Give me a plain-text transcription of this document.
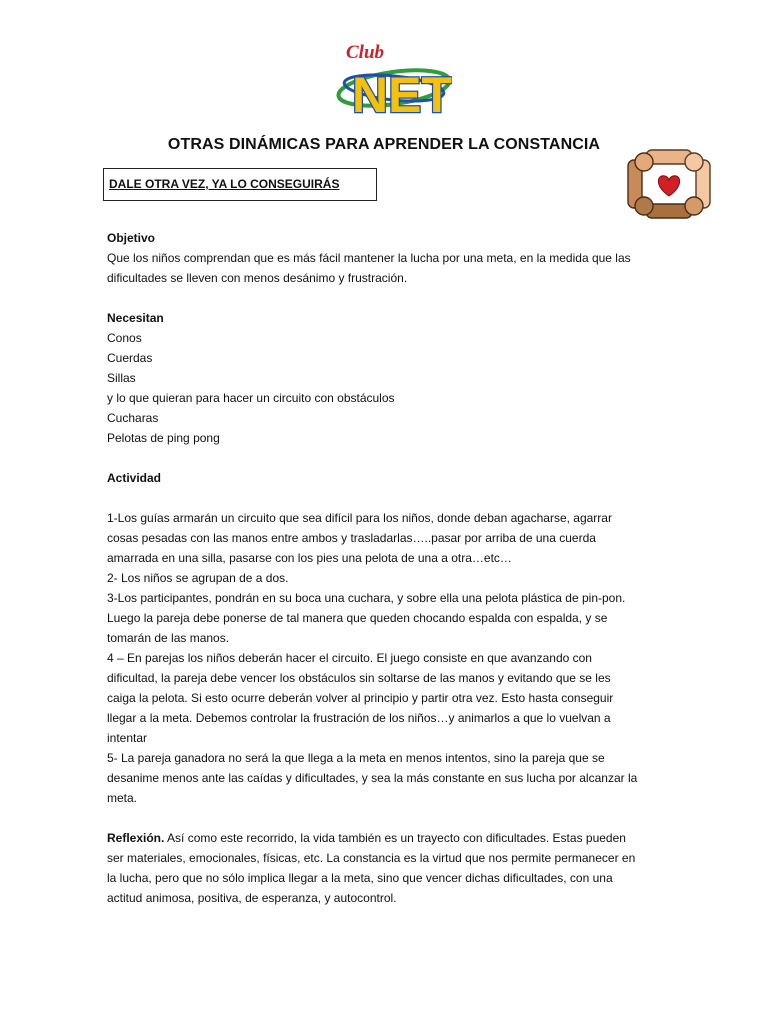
Club
NET
OTRAS DINÁMICAS PARA APRENDER LA CONSTANCIA
DALE OTRA VEZ, YA LO CONSEGUIRÁS

Objetivo

Que los niños comprendan que es más fácil mantener la lucha por una meta, en la medida que las

dificultades se lleven con menos desánimo y frustración.

Necesitan

Conos

Cuerdas

Sillas

y lo que quieran para hacer un circuito con obstáculos

Cucharas

Pelotas de ping pong

Actividad

1-Los guías armarán un circuito que sea difícil para los niños, donde deban agacharse, agarrar

cosas pesadas con las manos entre ambos y trasladarlas…..pasar por arriba de una cuerda

amarrada en una silla, pasarse con los pies una pelota de una a otra…etc…

2- Los niños se agrupan de a dos.

3-Los participantes, pondrán en su boca una cuchara, y sobre ella una pelota plástica de pin-pon.

Luego la pareja debe ponerse de tal manera que queden chocando espalda con espalda, y se

tomarán de las manos.

4 – En parejas los niños deberán hacer el circuito. El juego consiste en que avanzando con

dificultad, la pareja debe vencer los obstáculos sin soltarse de las manos y evitando que se les

caiga la pelota. Si esto ocurre deberán volver al principio y partir otra vez. Esto hasta conseguir

llegar a la meta. Debemos controlar la frustración de los niños…y animarlos a que lo vuelvan a

intentar

5- La pareja ganadora no será la que llega a la meta en menos intentos, sino la pareja que se

desanime menos ante las caídas y dificultades, y sea la más constante en sus lucha por alcanzar la

meta.

Reflexión. Así como este recorrido, la vida también es un trayecto con dificultades. Estas pueden

ser materiales, emocionales, físicas, etc. La constancia es la virtud que nos permite permanecer en

la lucha, pero que no sólo implica llegar a la meta, sino que vencer dichas dificultades, con una

actitud animosa, positiva, de esperanza, y autocontrol.
